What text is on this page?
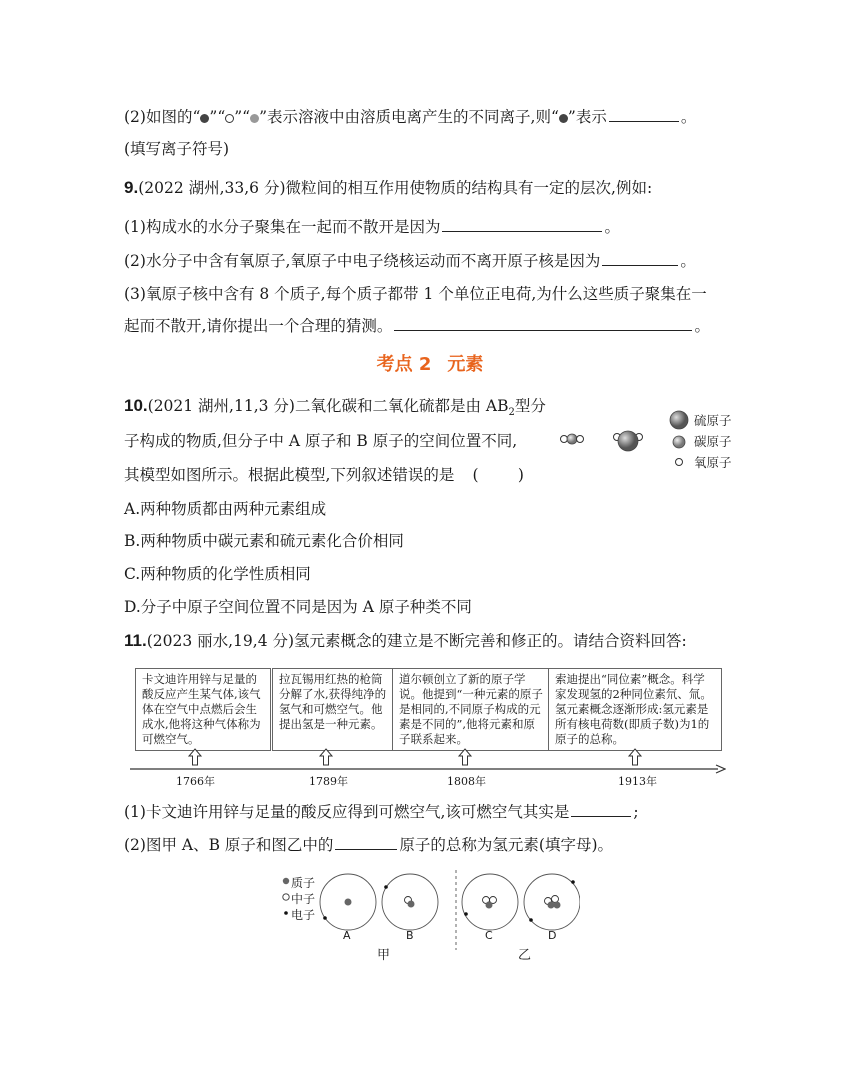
(2)如图的“ ”“ ”“ ”表示溶液中由溶质电离产生的不同离子,则“ ”表示	。
(填写离子符号)
9.(2022 湖州,33,6 分)微粒间的相互作用使物质的结构具有一定的层次,例如:
(1)构成水的水分子聚集在一起而不散开是因为	。
(2)水分子中含有氧原子,氧原子中电子绕核运动而不离开原子核是因为	。
(3)氧原子核中含有 8 个质子,每个质子都带 1 个单位正电荷,为什么这些质子聚集在一
起而不散开,请你提出一个合理的猜测。	。
考点 2 元素
10.(2021 湖州,11,3 分)二氧化碳和二氧化硫都是由 $AB_2$型分
子构成的物质,但分子中 A 原子和 B 原子的空间位置不同,
其模型如图所示。根据此模型,下列叙述错误的是 (        )
硫原子
碳原子
氧原子
A.两种物质都由两种元素组成
B.两种物质中碳元素和硫元素化合价相同
C.两种物质的化学性质相同
D.分子中原子空间位置不同是因为 A 原子种类不同
11.(2023 丽水,19,4 分)氢元素概念的建立是不断完善和修正的。请结合资料回答:
卡文迪许用锌与足量的酸反应产生某气体,该气体在空气中点燃后会生成水,他将这种气体称为可燃空气。
拉瓦锡用红热的枪筒分解了水,获得纯净的氢气和可燃空气。他提出氢是一种元素。
道尔顿创立了新的原子学说。他提到“一种元素的原子是相同的,不同原子构成的元素是不同的”,他将元素和原子联系起来。
索迪提出“同位素”概念。科学家发现氢的2种同位素氘、氚。氢元素概念逐渐形成:氢元素是所有核电荷数(即质子数)为1的原子的总称。
1766年	1789年	1808年	1913年
(1)卡文迪许用锌与足量的酸反应得到可燃空气,该可燃空气其实是	;
(2)图甲 A、B 原子和图乙中的	原子的总称为氢元素(填字母)。
质子
中子
电子
A	B	C	D
甲	乙
